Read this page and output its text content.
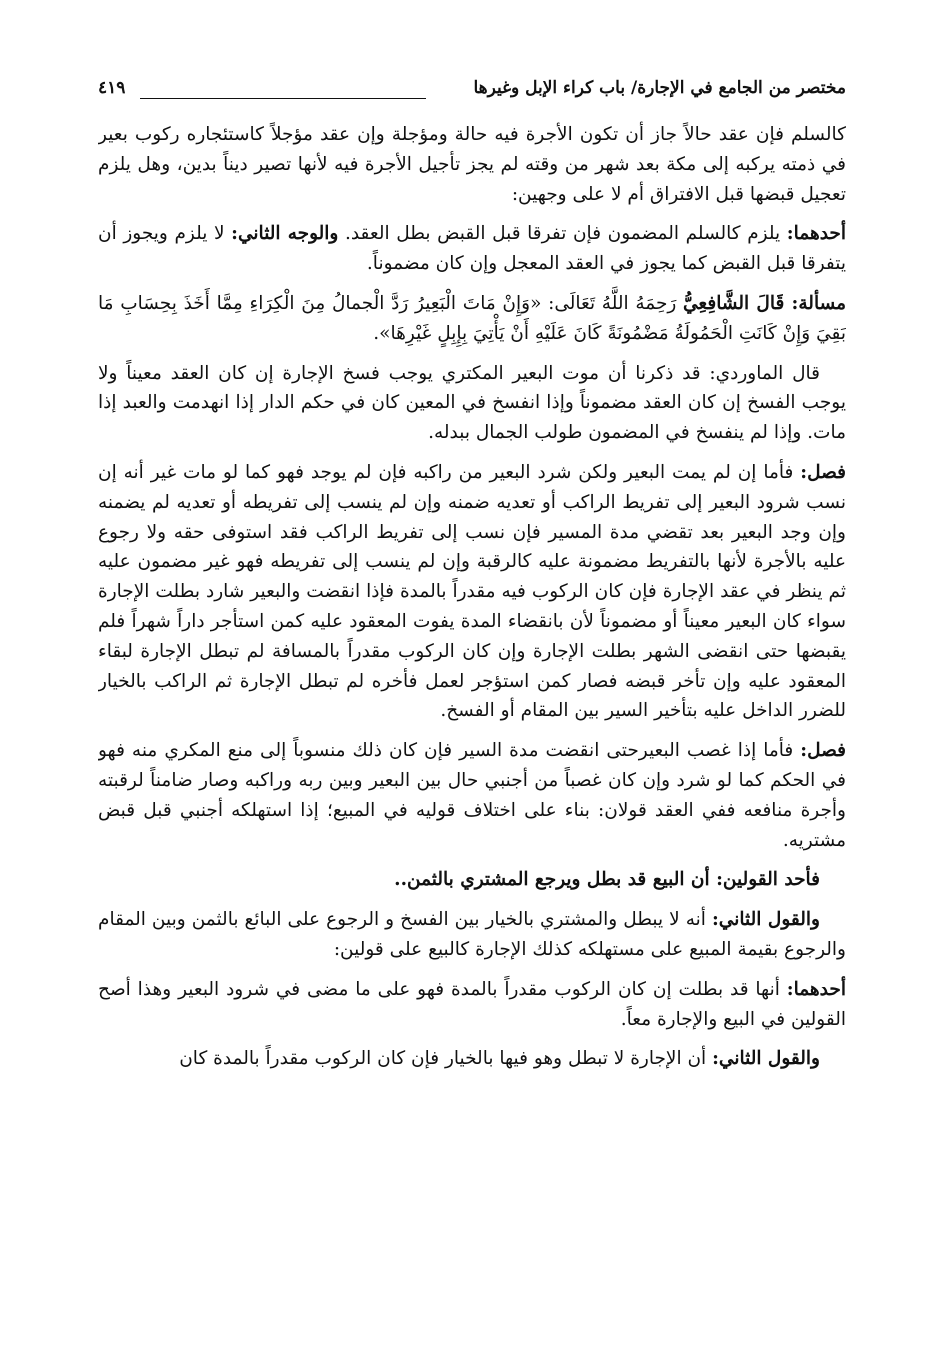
مختصر من الجامع في الإجارة/ باب كراء الإبل وغيرها
٤١٩

كالسلم فإن عقد حالاً جاز أن تكون الأجرة فيه حالة ومؤجلة وإن عقد مؤجلاً كاستئجاره ركوب بعير في ذمته يركبه إلى مكة بعد شهر من وقته لم يجز تأجيل الأجرة فيه لأنها تصير ديناً بدين، وهل يلزم تعجيل قبضها قبل الافتراق أم لا على وجهين:

أحدهما: يلزم كالسلم المضمون فإن تفرقا قبل القبض بطل العقد. والوجه الثاني: لا يلزم ويجوز أن يتفرقا قبل القبض كما يجوز في العقد المعجل وإن كان مضموناً.

مسألة: قَالَ الشَّافِعِيُّ رَحِمَهُ اللَّهُ تَعَالَى: «وَإِنْ مَاتَ الْبَعِيرُ رَدَّ الْجمالُ مِنَ الْكِرَاءِ مِمَّا أَخَذَ بِحِسَابِ مَا بَقِيَ وَإِنْ كَانَتِ الْحَمُولَةُ مَضْمُونَةً كَانَ عَلَيْهِ أَنْ يَأْتِيَ بِإِبِلٍ غَيْرِهَا».

قال الماوردي: قد ذكرنا أن موت البعير المكتري يوجب فسخ الإجارة إن كان العقد معيناً ولا يوجب الفسخ إن كان العقد مضموناً وإذا انفسخ في المعين كان في حكم الدار إذا انهدمت والعبد إذا مات. وإذا لم ينفسخ في المضمون طولب الجمال ببدله.

فصل: فأما إن لم يمت البعير ولكن شرد البعير من راكبه فإن لم يوجد فهو كما لو مات غير أنه إن نسب شرود البعير إلى تفريط الراكب أو تعديه ضمنه وإن لم ينسب إلى تفريطه أو تعديه لم يضمنه وإن وجد البعير بعد تقضي مدة المسير فإن نسب إلى تفريط الراكب فقد استوفى حقه ولا رجوع عليه بالأجرة لأنها بالتفريط مضمونة عليه كالرقبة وإن لم ينسب إلى تفريطه فهو غير مضمون عليه ثم ينظر في عقد الإجارة فإن كان الركوب فيه مقدراً بالمدة فإذا انقضت والبعير شارد بطلت الإجارة سواء كان البعير معيناً أو مضموناً لأن بانقضاء المدة يفوت المعقود عليه كمن استأجر داراً شهراً فلم يقبضها حتى انقضى الشهر بطلت الإجارة وإن كان الركوب مقدراً بالمسافة لم تبطل الإجارة لبقاء المعقود عليه وإن تأخر قبضه فصار كمن استؤجر لعمل فأخره لم تبطل الإجارة ثم الراكب بالخيار للضرر الداخل عليه بتأخير السير بين المقام أو الفسخ.

فصل: فأما إذا غصب البعيرحتى انقضت مدة السير فإن كان ذلك منسوباً إلى منع المكري منه فهو في الحكم كما لو شرد وإن كان غصباً من أجنبي حال بين البعير وبين ربه وراكبه وصار ضامناً لرقبته وأجرة منافعه ففي العقد قولان: بناء على اختلاف قوليه في المبيع؛ إذا استهلكه أجنبي قبل قبض مشتريه.

فأحد القولين: أن البيع قد بطل ويرجع المشتري بالثمن..

والقول الثاني: أنه لا يبطل والمشتري بالخيار بين الفسخ و الرجوع على البائع بالثمن وبين المقام والرجوع بقيمة المبيع على مستهلكه كذلك الإجارة كالبيع على قولين:

أحدهما: أنها قد بطلت إن كان الركوب مقدراً بالمدة فهو على ما مضى في شرود البعير وهذا أصح القولين في البيع والإجارة معاً.

والقول الثاني: أن الإجارة لا تبطل وهو فيها بالخيار فإن كان الركوب مقدراً بالمدة كان
